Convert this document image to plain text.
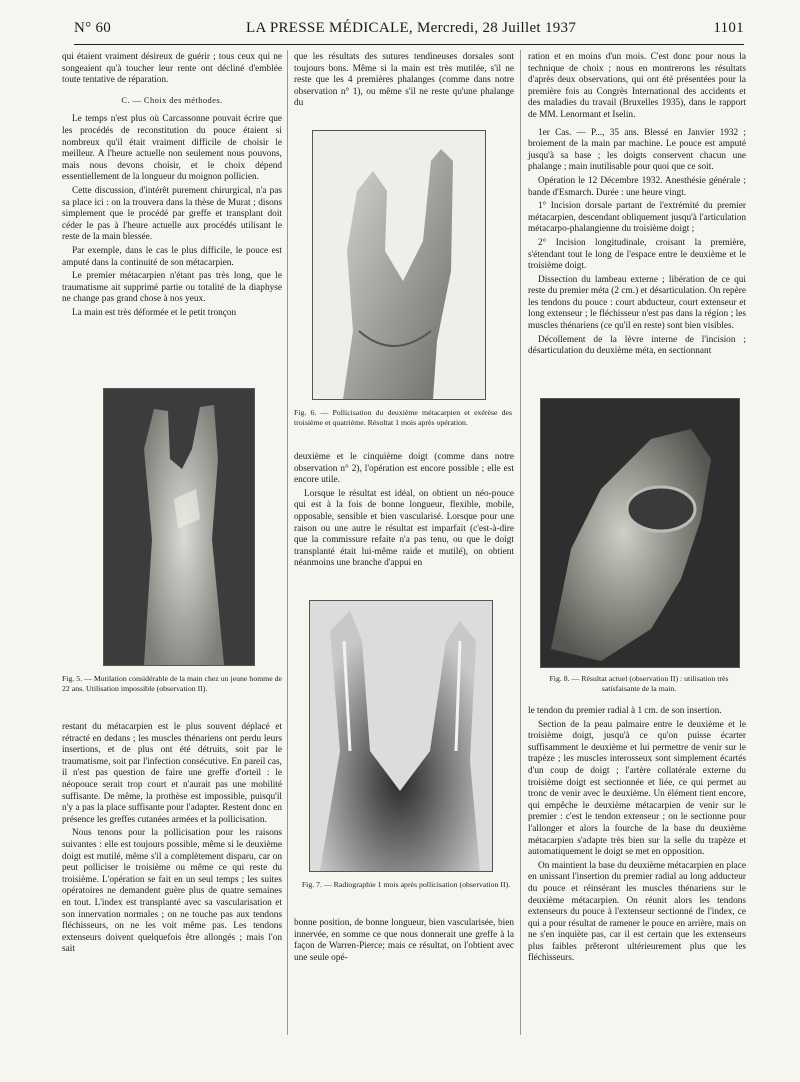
N° 60	LA PRESSE MÉDICALE, Mercredi, 28 Juillet 1937	1101

qui étaient vraiment désireux de guérir ; tous ceux qui ne songeaient qu'à toucher leur rente ont décliné d'emblée toute tentative de réparation.

C. — Choix des méthodes.

Le temps n'est plus où Carcassonne pouvait écrire que les procédés de reconstitution du pouce étaient si nombreux qu'il était vraiment difficile de choisir le meilleur. A l'heure actuelle non seulement nous pouvons, mais nous devons choisir, et le choix dépend essentiellement de la longueur du moignon pollicien.

Cette discussion, d'intérêt purement chirurgical, n'a pas sa place ici : on la trouvera dans la thèse de Murat ; disons simplement que le procédé par greffe et transplant doit céder le pas à l'heure actuelle aux procédés utilisant le reste de la main blessée.

Par exemple, dans le cas le plus difficile, le pouce est amputé dans la continuité de son métacarpien.

Le premier métacarpien n'étant pas très long, que le traumatisme ait supprimé partie ou totalité de la diaphyse ne change pas grand chose à nos yeux.

La main est très déformée et le petit tronçon

Fig. 5. — Mutilation considérable de la main chez un jeune homme de 22 ans. Utilisation impossible (observation II).

restant du métacarpien est le plus souvent déplacé et rétracté en dedans ; les muscles thénariens ont perdu leurs insertions, et de plus ont été détruits, soit par le traumatisme, soit par l'infection consécutive. En pareil cas, il n'est pas question de faire une greffe d'orteil : le néopouce serait trop court et n'aurait pas une mobilité suffisante. De même, la prothèse est impossible, puisqu'il n'y a pas la place suffisante pour l'adapter. Restent donc en présence les greffes cutanées armées et la pollicisation.

Nous tenons pour la pollicisation pour les raisons suivantes : elle est toujours possible, même si le deuxième doigt est mutilé, même s'il a complètement disparu, car on peut polliciser le troisième ou même ce qui reste du troisième. L'opération se fait en un seul temps ; les suites opératoires ne demandent guère plus de quatre semaines en tout. L'index est transplanté avec sa vascularisation et son innervation normales ; on ne touche pas aux tendons fléchisseurs, on ne les voit même pas. Les tendons extenseurs doivent quelquefois être allongés ; mais l'on sait

que les résultats des sutures tendineuses dorsales sont toujours bons. Même si la main est très mutilée, s'il ne reste que les 4 premières phalanges (comme dans notre observation n° 1), ou même s'il ne reste qu'une phalange du

Fig. 6. — Pollicisation du deuxième métacarpien et exérèse des troisième et quatrième. Résultat 1 mois après opération.

deuxième et le cinquième doigt (comme dans notre observation n° 2), l'opération est encore possible ; elle est encore utile.

Lorsque le résultat est idéal, on obtient un néo-pouce qui est à la fois de bonne longueur, flexible, mobile, opposable, sensible et bien vascularisé. Lorsque pour une raison ou une autre le résultat est imparfait (c'est-à-dire que la commissure refaite n'a pas tenu, ou que le doigt transplanté était lui-même raide et mutilé), on obtient néanmoins une branche d'appui en

Fig. 7. — Radiographie 1 mois après pollicisation (observation II).

bonne position, de bonne longueur, bien vascularisée, bien innervée, en somme ce que nous donnerait une greffe à la façon de Warren-Pierce; mais ce résultat, on l'obtient avec une seule opé-

ration et en moins d'un mois. C'est donc pour nous la technique de choix ; nous en montrerons les résultats d'après deux observations, qui ont été présentées pour la première fois au Congrès International des accidents et des maladies du travail (Bruxelles 1935), dans le rapport de MM. Lenormant et Iselin.

1er Cas. — P..., 35 ans. Blessé en Janvier 1932 ; broiement de la main par machine. Le pouce est amputé jusqu'à sa base ; les doigts conservent chacun une phalange ; main inutilisable pour quoi que ce soit.

Opération le 12 Décembre 1932. Anesthésie générale ; bande d'Esmarch. Durée : une heure vingt.

1° Incision dorsale partant de l'extrémité du premier métacarpien, descendant obliquement jusqu'à l'articulation métacarpo-phalangienne du troisième doigt ;

2° Incision longitudinale, croisant la première, s'étendant tout le long de l'espace entre le deuxième et le troisième doigt.

Dissection du lambeau externe ; libération de ce qui reste du premier méta (2 cm.) et désarticulation. On repère les tendons du pouce : court abducteur, court extenseur et long extenseur ; le fléchisseur n'est pas dans la région ; les muscles thénariens (ce qu'il en reste) sont bien visibles.

Décollement de la lèvre interne de l'incision ; désarticulation du deuxième méta, en sectionnant

Fig. 8. — Résultat actuel (observation II) : utilisation très satisfaisante de la main.

le tendon du premier radial à 1 cm. de son insertion.

Section de la peau palmaire entre le deuxième et le troisième doigt, jusqu'à ce qu'on puisse écarter suffisamment le deuxième et lui permettre de venir sur le trapèze ; les muscles interosseux sont simplement écartés d'un coup de doigt ; l'artère collatérale externe du troisième doigt est sectionnée et liée, ce qui permet au tronc de venir avec le deuxième. Un élément tient encore, qui empêche le deuxième métacarpien de venir sur le premier : c'est le tendon extenseur ; on le sectionne pour l'allonger et alors la fourche de la base du deuxième métacarpien s'adapte très bien sur la selle du trapèze et automatiquement le doigt se met en opposition.

On maintient la base du deuxième métacarpien en place en unissant l'insertion du premier radial au long adducteur du pouce et réinsérant les muscles thénariens sur le deuxième métacarpien. On réunit alors les tendons extenseurs du pouce à l'extenseur sectionné de l'index, ce qui a pour résultat de ramener le pouce en arrière, mais on ne s'en inquiète pas, car il est certain que les extenseurs plus faibles prêteront ultérieurement plus que les fléchisseurs.
